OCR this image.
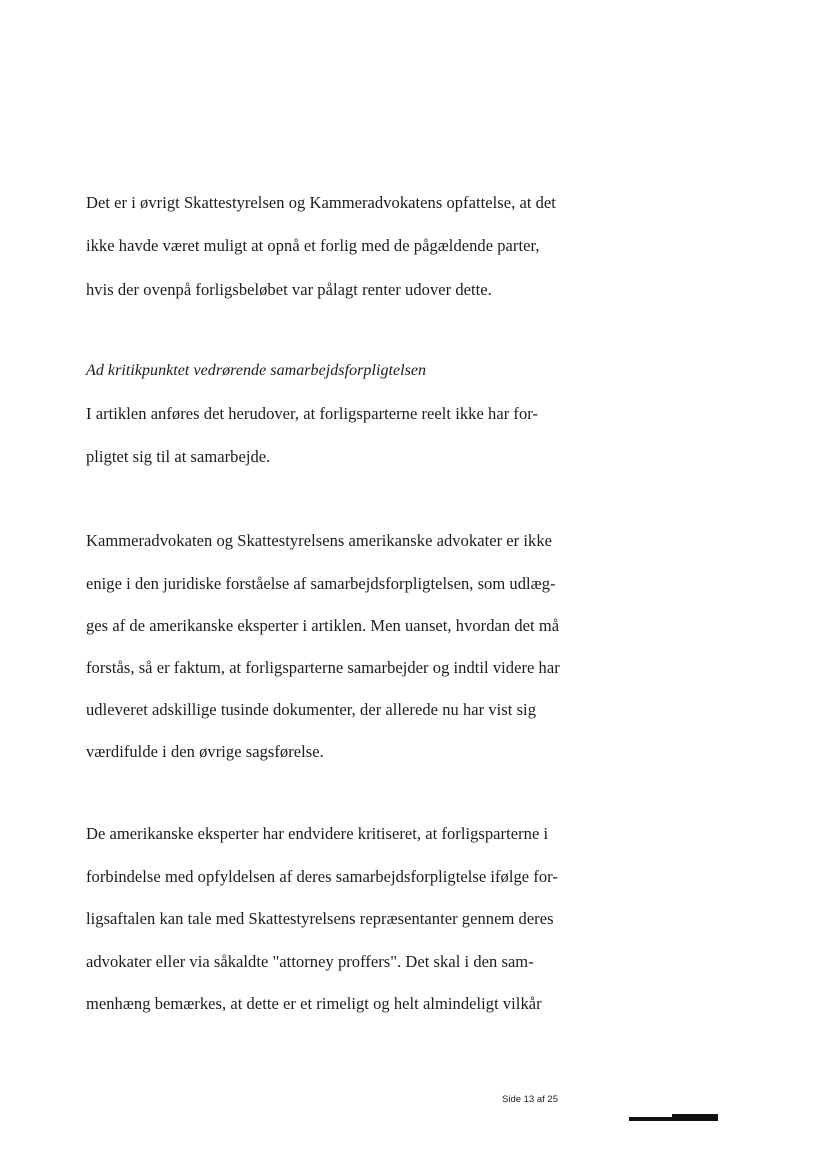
Det er i øvrigt Skattestyrelsen og Kammeradvokatens opfattelse, at det

ikke havde været muligt at opnå et forlig med de pågældende parter,

hvis der ovenpå forligsbeløbet var pålagt renter udover dette.

Ad kritikpunktet vedrørende samarbejdsforpligtelsen

I artiklen anføres det herudover, at forligsparterne reelt ikke har for-

pligtet sig til at samarbejde.

Kammeradvokaten og Skattestyrelsens amerikanske advokater er ikke

enige i den juridiske forståelse af samarbejdsforpligtelsen, som udlæg-

ges af de amerikanske eksperter i artiklen. Men uanset, hvordan det må

forstås, så er faktum, at forligsparterne samarbejder og indtil videre har

udleveret adskillige tusinde dokumenter, der allerede nu har vist sig

værdifulde i den øvrige sagsførelse.

De amerikanske eksperter har endvidere kritiseret, at forligsparterne i

forbindelse med opfyldelsen af deres samarbejdsforpligtelse ifølge for-

ligsaftalen kan tale med Skattestyrelsens repræsentanter gennem deres

advokater eller via såkaldte "attorney proffers". Det skal i den sam-

menhæng bemærkes, at dette er et rimeligt og helt almindeligt vilkår

Side 13 af 25
